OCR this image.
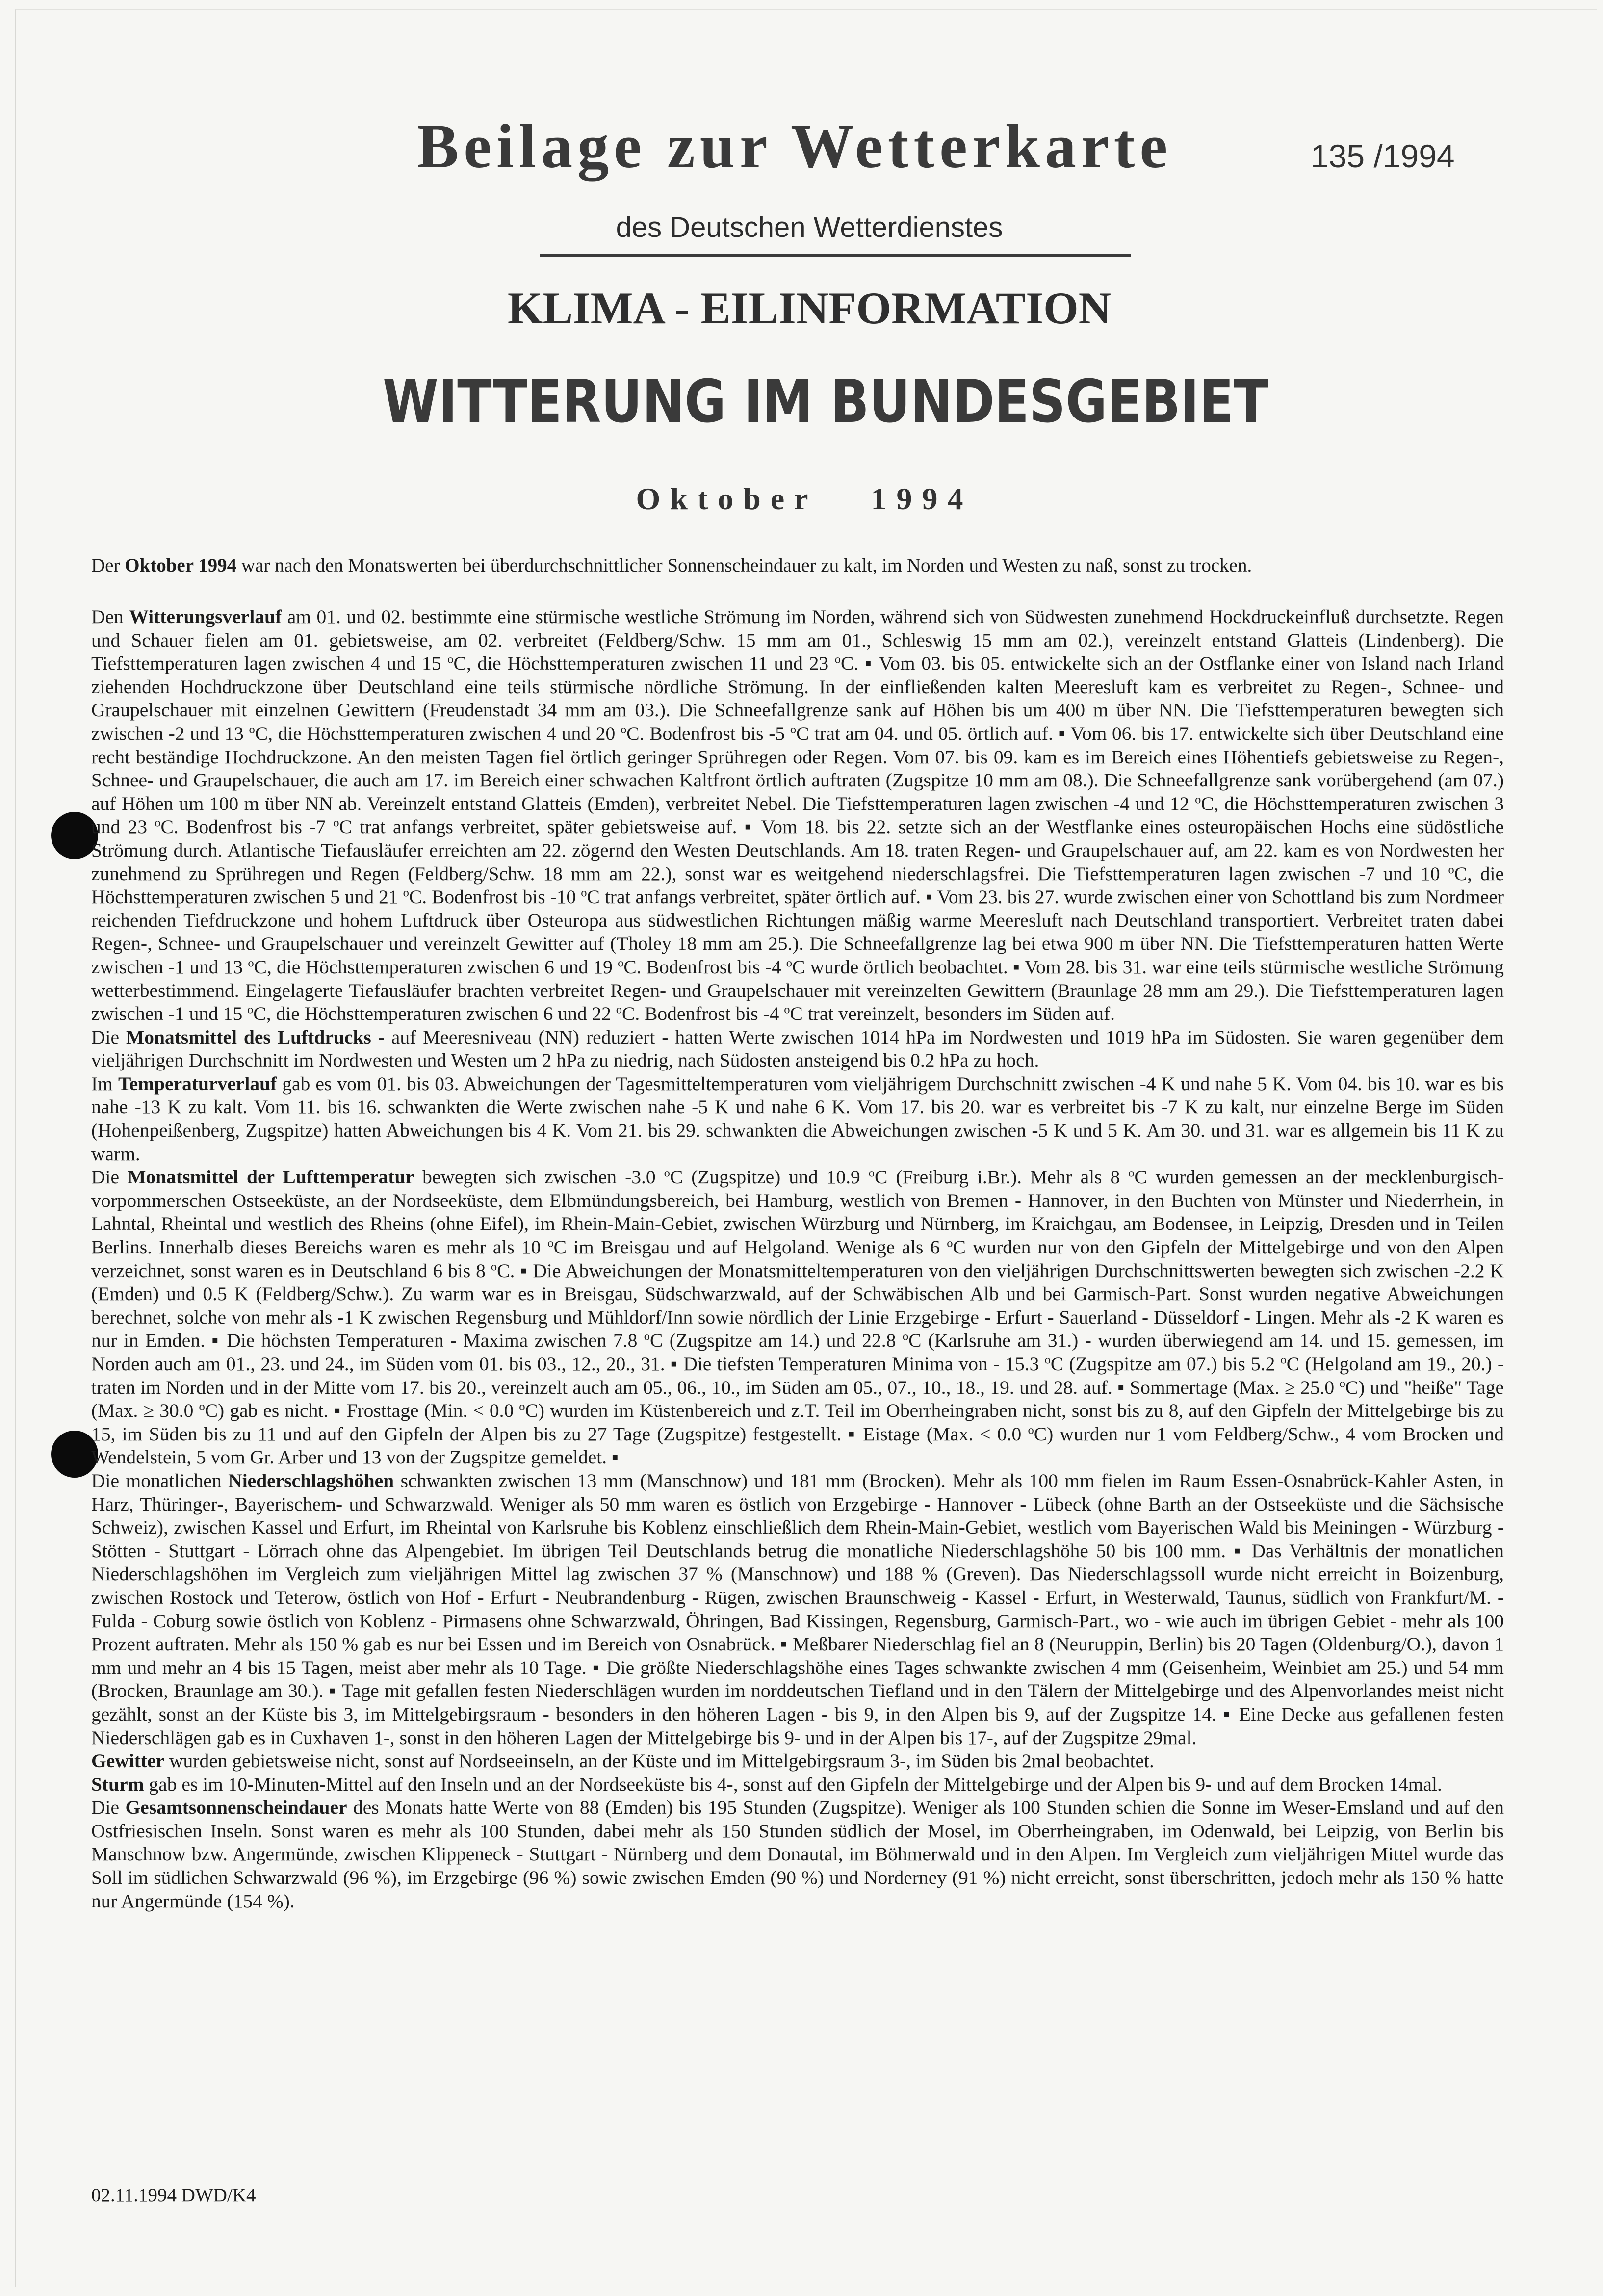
Beilage zur Wetterkarte	135 /1994
des Deutschen Wetterdienstes
KLIMA - EILINFORMATION
WITTERUNG IM BUNDESGEBIET
Oktober 1994
Der Oktober 1994 war nach den Monatswerten bei überdurchschnittlicher Sonnenscheindauer zu kalt, im Norden und Westen zu naß, sonst zu trocken.

Den Witterungsverlauf am 01. und 02. bestimmte eine stürmische westliche Strömung im Norden, während sich von Südwesten zunehmend Hockdruckeinfluß durchsetzte. Regen und Schauer fielen am 01. gebietsweise, am 02. verbreitet (Feldberg/Schw. 15 mm am 01., Schleswig 15 mm am 02.), vereinzelt entstand Glatteis (Lindenberg). Die Tiefsttemperaturen lagen zwischen 4 und 15 $^o$C, die Höchsttemperaturen zwischen 11 und 23 $^o$C. ▪ Vom 03. bis 05. entwickelte sich an der Ostflanke einer von Island nach Irland ziehenden Hochdruckzone über Deutschland eine teils stürmische nördliche Strömung. In der einfließenden kalten Meeresluft kam es verbreitet zu Regen-, Schnee- und Graupelschauer mit einzelnen Gewittern (Freudenstadt 34 mm am 03.). Die Schneefallgrenze sank auf Höhen bis um 400 m über NN. Die Tiefsttemperaturen bewegten sich zwischen -2 und 13 $^o$C, die Höchsttemperaturen zwischen 4 und 20 $^o$C. Bodenfrost bis -5 $^o$C trat am 04. und 05. örtlich auf. ▪ Vom 06. bis 17. entwickelte sich über Deutschland eine recht beständige Hochdruckzone. An den meisten Tagen fiel örtlich geringer Sprühregen oder Regen. Vom 07. bis 09. kam es im Bereich eines Höhentiefs gebietsweise zu Regen-, Schnee- und Graupelschauer, die auch am 17. im Bereich einer schwachen Kaltfront örtlich auftraten (Zugspitze 10 mm am 08.). Die Schneefallgrenze sank vorübergehend (am 07.) auf Höhen um 100 m über NN ab. Vereinzelt entstand Glatteis (Emden), verbreitet Nebel. Die Tiefsttemperaturen lagen zwischen -4 und 12 $^o$C, die Höchsttemperaturen zwischen 3 und 23 $^o$C. Bodenfrost bis -7 $^o$C trat anfangs verbreitet, später gebietsweise auf. ▪ Vom 18. bis 22. setzte sich an der Westflanke eines osteuropäischen Hochs eine südöstliche Strömung durch. Atlantische Tiefausläufer erreichten am 22. zögernd den Westen Deutschlands. Am 18. traten Regen- und Graupelschauer auf, am 22. kam es von Nordwesten her zunehmend zu Sprühregen und Regen (Feldberg/Schw. 18 mm am 22.), sonst war es weitgehend niederschlagsfrei. Die Tiefsttemperaturen lagen zwischen -7 und 10 $^o$C, die Höchsttemperaturen zwischen 5 und 21 $^o$C. Bodenfrost bis -10 $^o$C trat anfangs verbreitet, später örtlich auf. ▪ Vom 23. bis 27. wurde zwischen einer von Schottland bis zum Nordmeer reichenden Tiefdruckzone und hohem Luftdruck über Osteuropa aus südwestlichen Richtungen mäßig warme Meeresluft nach Deutschland transportiert. Verbreitet traten dabei Regen-, Schnee- und Graupelschauer und vereinzelt Gewitter auf (Tholey 18 mm am 25.). Die Schneefallgrenze lag bei etwa 900 m über NN. Die Tiefsttemperaturen hatten Werte zwischen -1 und 13 $^o$C, die Höchsttemperaturen zwischen 6 und 19 $^o$C. Bodenfrost bis -4 $^o$C wurde örtlich beobachtet. ▪ Vom 28. bis 31. war eine teils stürmische westliche Strömung wetterbestimmend. Eingelagerte Tiefausläufer brachten verbreitet Regen- und Graupelschauer mit vereinzelten Gewittern (Braunlage 28 mm am 29.). Die Tiefsttemperaturen lagen zwischen -1 und 15 $^o$C, die Höchsttemperaturen zwischen 6 und 22 $^o$C. Bodenfrost bis -4 $^o$C trat vereinzelt, besonders im Süden auf.

Die Monatsmittel des Luftdrucks - auf Meeresniveau (NN) reduziert - hatten Werte zwischen 1014 hPa im Nordwesten und 1019 hPa im Südosten. Sie waren gegenüber dem vieljährigen Durchschnitt im Nordwesten und Westen um 2 hPa zu niedrig, nach Südosten ansteigend bis 0.2 hPa zu hoch.

Im Temperaturverlauf gab es vom 01. bis 03. Abweichungen der Tagesmitteltemperaturen vom vieljährigem Durchschnitt zwischen -4 K und nahe 5 K. Vom 04. bis 10. war es bis nahe -13 K zu kalt. Vom 11. bis 16. schwankten die Werte zwischen nahe -5 K und nahe 6 K. Vom 17. bis 20. war es verbreitet bis -7 K zu kalt, nur einzelne Berge im Süden (Hohenpeißenberg, Zugspitze) hatten Abweichungen bis 4 K. Vom 21. bis 29. schwankten die Abweichungen zwischen -5 K und 5 K. Am 30. und 31. war es allgemein bis 11 K zu warm.

Die Monatsmittel der Lufttemperatur bewegten sich zwischen -3.0 $^o$C (Zugspitze) und 10.9 $^o$C (Freiburg i.Br.). Mehr als 8 $^o$C wurden gemessen an der mecklenburgisch-vorpommerschen Ostseeküste, an der Nordseeküste, dem Elbmündungsbereich, bei Hamburg, westlich von Bremen - Hannover, in den Buchten von Münster und Niederrhein, in Lahntal, Rheintal und westlich des Rheins (ohne Eifel), im Rhein-Main-Gebiet, zwischen Würzburg und Nürnberg, im Kraichgau, am Bodensee, in Leipzig, Dresden und in Teilen Berlins. Innerhalb dieses Bereichs waren es mehr als 10 $^o$C im Breisgau und auf Helgoland. Wenige als 6 $^o$C wurden nur von den Gipfeln der Mittelgebirge und von den Alpen verzeichnet, sonst waren es in Deutschland 6 bis 8 $^o$C. ▪ Die Abweichungen der Monatsmitteltemperaturen von den vieljährigen Durchschnittswerten bewegten sich zwischen -2.2 K (Emden) und 0.5 K (Feldberg/Schw.). Zu warm war es in Breisgau, Südschwarzwald, auf der Schwäbischen Alb und bei Garmisch-Part. Sonst wurden negative Abweichungen berechnet, solche von mehr als -1 K zwischen Regensburg und Mühldorf/Inn sowie nördlich der Linie Erzgebirge - Erfurt - Sauerland - Düsseldorf - Lingen. Mehr als -2 K waren es nur in Emden. ▪ Die höchsten Temperaturen - Maxima zwischen 7.8 $^o$C (Zugspitze am 14.) und 22.8 $^o$C (Karlsruhe am 31.) - wurden überwiegend am 14. und 15. gemessen, im Norden auch am 01., 23. und 24., im Süden vom 01. bis 03., 12., 20., 31. ▪ Die tiefsten Temperaturen Minima von - 15.3 $^o$C (Zugspitze am 07.) bis 5.2 $^o$C (Helgoland am 19., 20.) - traten im Norden und in der Mitte vom 17. bis 20., vereinzelt auch am 05., 06., 10., im Süden am 05., 07., 10., 18., 19. und 28. auf. ▪ Sommertage (Max. ≥ 25.0 $^o$C) und "heiße" Tage (Max. ≥ 30.0 $^o$C) gab es nicht. ▪ Frosttage (Min. < 0.0 $^o$C) wurden im Küstenbereich und z.T. Teil im Oberrheingraben nicht, sonst bis zu 8, auf den Gipfeln der Mittelgebirge bis zu 15, im Süden bis zu 11 und auf den Gipfeln der Alpen bis zu 27 Tage (Zugspitze) festgestellt. ▪ Eistage (Max. < 0.0 $^o$C) wurden nur 1 vom Feldberg/Schw., 4 vom Brocken und Wendelstein, 5 vom Gr. Arber und 13 von der Zugspitze gemeldet. ▪

Die monatlichen Niederschlagshöhen schwankten zwischen 13 mm (Manschnow) und 181 mm (Brocken). Mehr als 100 mm fielen im Raum Essen-Osnabrück-Kahler Asten, in Harz, Thüringer-, Bayerischem- und Schwarzwald. Weniger als 50 mm waren es östlich von Erzgebirge - Hannover - Lübeck (ohne Barth an der Ostseeküste und die Sächsische Schweiz), zwischen Kassel und Erfurt, im Rheintal von Karlsruhe bis Koblenz einschließlich dem Rhein-Main-Gebiet, westlich vom Bayerischen Wald bis Meiningen - Würzburg - Stötten - Stuttgart - Lörrach ohne das Alpengebiet. Im übrigen Teil Deutschlands betrug die monatliche Niederschlagshöhe 50 bis 100 mm. ▪ Das Verhältnis der monatlichen Niederschlagshöhen im Vergleich zum vieljährigen Mittel lag zwischen 37 % (Manschnow) und 188 % (Greven). Das Niederschlagssoll wurde nicht erreicht in Boizenburg, zwischen Rostock und Teterow, östlich von Hof - Erfurt - Neubrandenburg - Rügen, zwischen Braunschweig - Kassel - Erfurt, in Westerwald, Taunus, südlich von Frankfurt/M. - Fulda - Coburg sowie östlich von Koblenz - Pirmasens ohne Schwarzwald, Öhringen, Bad Kissingen, Regensburg, Garmisch-Part., wo - wie auch im übrigen Gebiet - mehr als 100 Prozent auftraten. Mehr als 150 % gab es nur bei Essen und im Bereich von Osnabrück. ▪ Meßbarer Niederschlag fiel an 8 (Neuruppin, Berlin) bis 20 Tagen (Oldenburg/O.), davon 1 mm und mehr an 4 bis 15 Tagen, meist aber mehr als 10 Tage. ▪ Die größte Niederschlagshöhe eines Tages schwankte zwischen 4 mm (Geisenheim, Weinbiet am 25.) und 54 mm (Brocken, Braunlage am 30.). ▪ Tage mit gefallen festen Niederschlägen wurden im norddeutschen Tiefland und in den Tälern der Mittelgebirge und des Alpenvorlandes meist nicht gezählt, sonst an der Küste bis 3, im Mittelgebirgsraum - besonders in den höheren Lagen - bis 9, in den Alpen bis 9, auf der Zugspitze 14. ▪ Eine Decke aus gefallenen festen Niederschlägen gab es in Cuxhaven 1-, sonst in den höheren Lagen der Mittelgebirge bis 9- und in der Alpen bis 17-, auf der Zugspitze 29mal.

Gewitter wurden gebietsweise nicht, sonst auf Nordseeinseln, an der Küste und im Mittelgebirgsraum 3-, im Süden bis 2mal beobachtet.

Sturm gab es im 10-Minuten-Mittel auf den Inseln und an der Nordseeküste bis 4-, sonst auf den Gipfeln der Mittelgebirge und der Alpen bis 9- und auf dem Brocken 14mal.

Die Gesamtsonnenscheindauer des Monats hatte Werte von 88 (Emden) bis 195 Stunden (Zugspitze). Weniger als 100 Stunden schien die Sonne im Weser-Emsland und auf den Ostfriesischen Inseln. Sonst waren es mehr als 100 Stunden, dabei mehr als 150 Stunden südlich der Mosel, im Oberrheingraben, im Odenwald, bei Leipzig, von Berlin bis Manschnow bzw. Angermünde, zwischen Klippeneck - Stuttgart - Nürnberg und dem Donautal, im Böhmerwald und in den Alpen. Im Vergleich zum vieljährigen Mittel wurde das Soll im südlichen Schwarzwald (96 %), im Erzgebirge (96 %) sowie zwischen Emden (90 %) und Norderney (91 %) nicht erreicht, sonst überschritten, jedoch mehr als 150 % hatte nur Angermünde (154 %).

02.11.1994 DWD/K4
